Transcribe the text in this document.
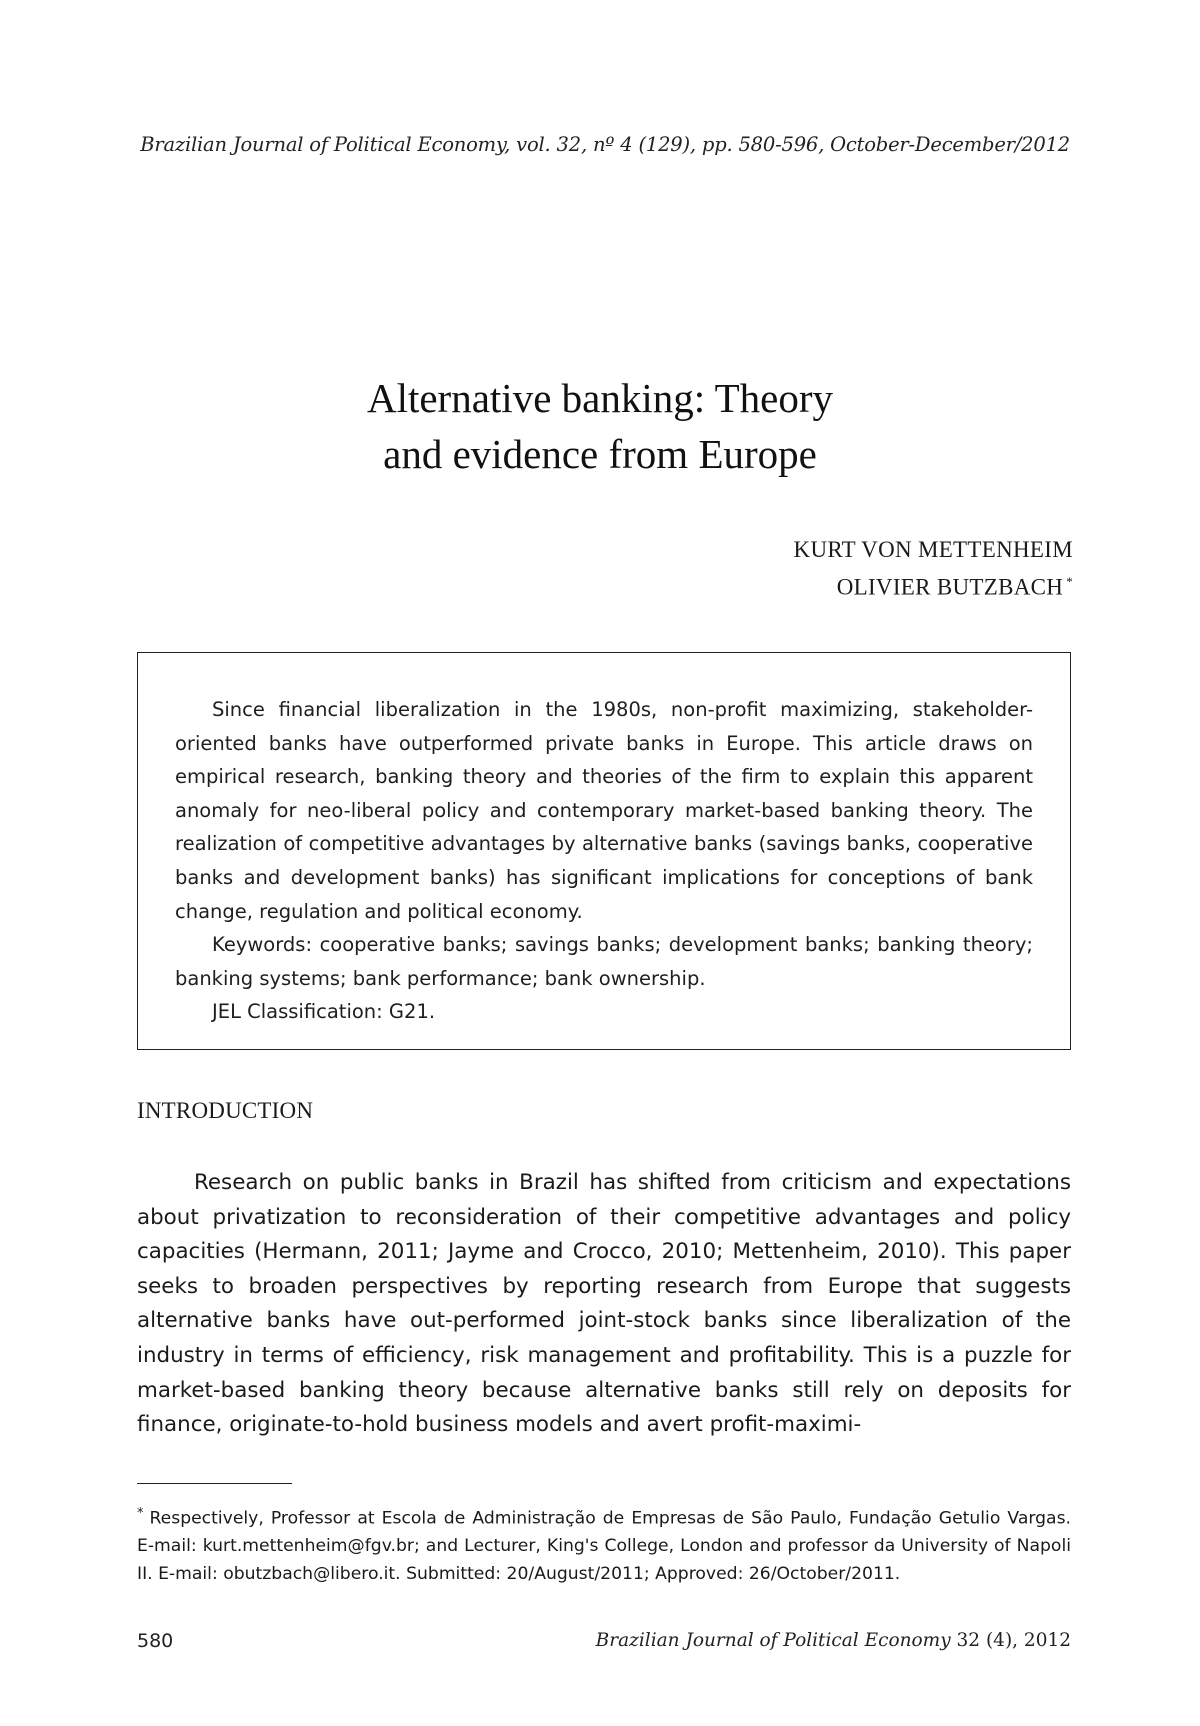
Brazilian Journal of Political Economy, vol. 32, nº 4 (129), pp. 580-596, October-December/2012
Alternative banking: Theory
and evidence from Europe
KURT VON METTENHEIM
OLIVIER BUTZBACH *

Since financial liberalization in the 1980s, non-profit maximizing, stakeholder-oriented banks have outperformed private banks in Europe. This article draws on empirical research, banking theory and theories of the firm to explain this apparent anomaly for neo-liberal policy and contemporary market-based banking theory. The realization of competitive advantages by alternative banks (savings banks, cooperative banks and development banks) has significant implications for conceptions of bank change, regulation and political economy.

Keywords: cooperative banks; savings banks; development banks; banking theory; banking systems; bank performance; bank ownership.

JEL Classification: G21.

INTRODUCTION

Research on public banks in Brazil has shifted from criticism and expectations about privatization to reconsideration of their competitive advantages and policy capacities (Hermann, 2011; Jayme and Crocco, 2010; Mettenheim, 2010). This paper seeks to broaden perspectives by reporting research from Europe that suggests alternative banks have out-performed joint-stock banks since liberalization of the industry in terms of efficiency, risk management and profitability. This is a puzzle for market-based banking theory because alternative banks still rely on deposits for finance, originate-to-hold business models and avert profit-maximi-

* Respectively, Professor at Escola de Administração de Empresas de São Paulo, Fundação Getulio Vargas. E-mail: kurt.mettenheim@fgv.br; and Lecturer, King's College, London and professor da University of Napoli II. E-mail: obutzbach@libero.it. Submitted: 20/August/2011; Approved: 26/October/2011.

580	Brazilian Journal of Political Economy 32 (4), 2012
